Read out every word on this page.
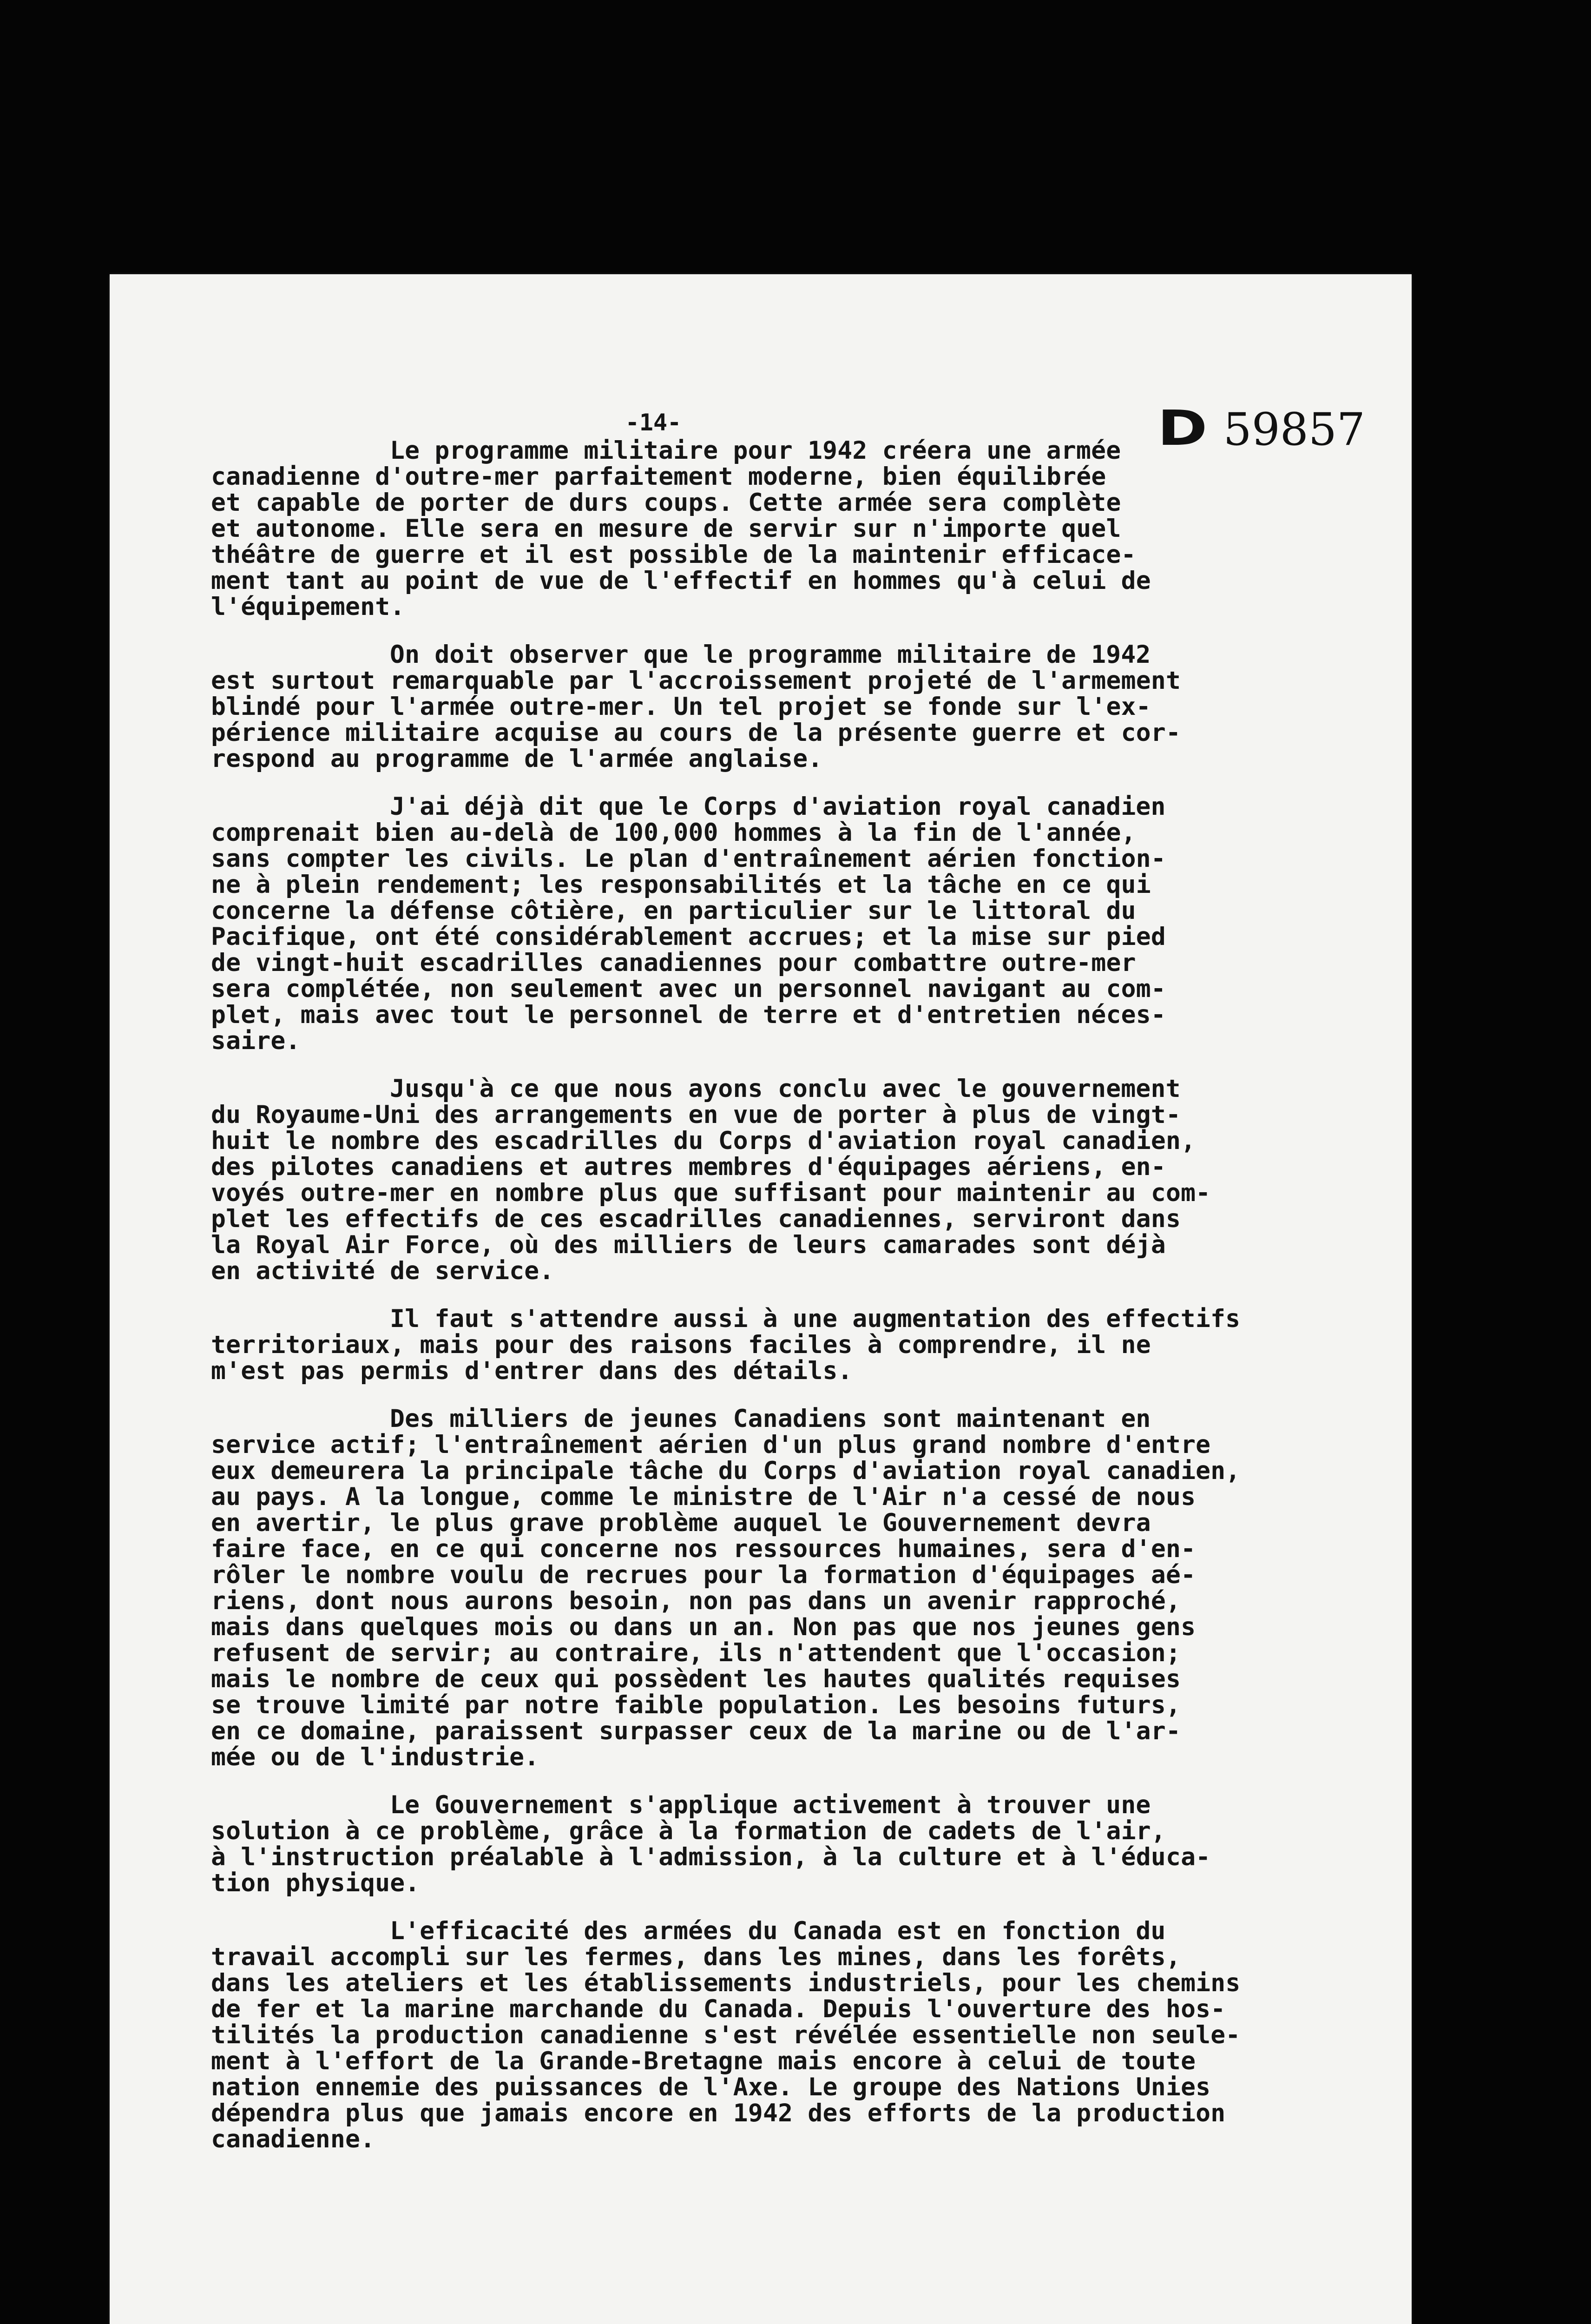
D 59857
-14-
Le programme militaire pour 1942 créera une armée
canadienne d'outre-mer parfaitement moderne, bien équilibrée
et capable de porter de durs coups. Cette armée sera complète
et autonome. Elle sera en mesure de servir sur n'importe quel
théâtre de guerre et il est possible de la maintenir efficace-
ment tant au point de vue de l'effectif en hommes qu'à celui de
l'équipement.
On doit observer que le programme militaire de 1942
est surtout remarquable par l'accroissement projeté de l'armement
blindé pour l'armée outre-mer. Un tel projet se fonde sur l'ex-
périence militaire acquise au cours de la présente guerre et cor-
respond au programme de l'armée anglaise.
J'ai déjà dit que le Corps d'aviation royal canadien
comprenait bien au-delà de 100,000 hommes à la fin de l'année,
sans compter les civils. Le plan d'entraînement aérien fonction-
ne à plein rendement; les responsabilités et la tâche en ce qui
concerne la défense côtière, en particulier sur le littoral du
Pacifique, ont été considérablement accrues; et la mise sur pied
de vingt-huit escadrilles canadiennes pour combattre outre-mer
sera complétée, non seulement avec un personnel navigant au com-
plet, mais avec tout le personnel de terre et d'entretien néces-
saire.
Jusqu'à ce que nous ayons conclu avec le gouvernement
du Royaume-Uni des arrangements en vue de porter à plus de vingt-
huit le nombre des escadrilles du Corps d'aviation royal canadien,
des pilotes canadiens et autres membres d'équipages aériens, en-
voyés outre-mer en nombre plus que suffisant pour maintenir au com-
plet les effectifs de ces escadrilles canadiennes, serviront dans
la Royal Air Force, où des milliers de leurs camarades sont déjà
en activité de service.
Il faut s'attendre aussi à une augmentation des effectifs
territoriaux, mais pour des raisons faciles à comprendre, il ne
m'est pas permis d'entrer dans des détails.
Des milliers de jeunes Canadiens sont maintenant en
service actif; l'entraînement aérien d'un plus grand nombre d'entre
eux demeurera la principale tâche du Corps d'aviation royal canadien,
au pays. A la longue, comme le ministre de l'Air n'a cessé de nous
en avertir, le plus grave problème auquel le Gouvernement devra
faire face, en ce qui concerne nos ressources humaines, sera d'en-
rôler le nombre voulu de recrues pour la formation d'équipages aé-
riens, dont nous aurons besoin, non pas dans un avenir rapproché,
mais dans quelques mois ou dans un an. Non pas que nos jeunes gens
refusent de servir; au contraire, ils n'attendent que l'occasion;
mais le nombre de ceux qui possèdent les hautes qualités requises
se trouve limité par notre faible population. Les besoins futurs,
en ce domaine, paraissent surpasser ceux de la marine ou de l'ar-
mée ou de l'industrie.
Le Gouvernement s'applique activement à trouver une
solution à ce problème, grâce à la formation de cadets de l'air,
à l'instruction préalable à l'admission, à la culture et à l'éduca-
tion physique.
L'efficacité des armées du Canada est en fonction du
travail accompli sur les fermes, dans les mines, dans les forêts,
dans les ateliers et les établissements industriels, pour les chemins
de fer et la marine marchande du Canada. Depuis l'ouverture des hos-
tilités la production canadienne s'est révélée essentielle non seule-
ment à l'effort de la Grande-Bretagne mais encore à celui de toute
nation ennemie des puissances de l'Axe. Le groupe des Nations Unies
dépendra plus que jamais encore en 1942 des efforts de la production
canadienne.
